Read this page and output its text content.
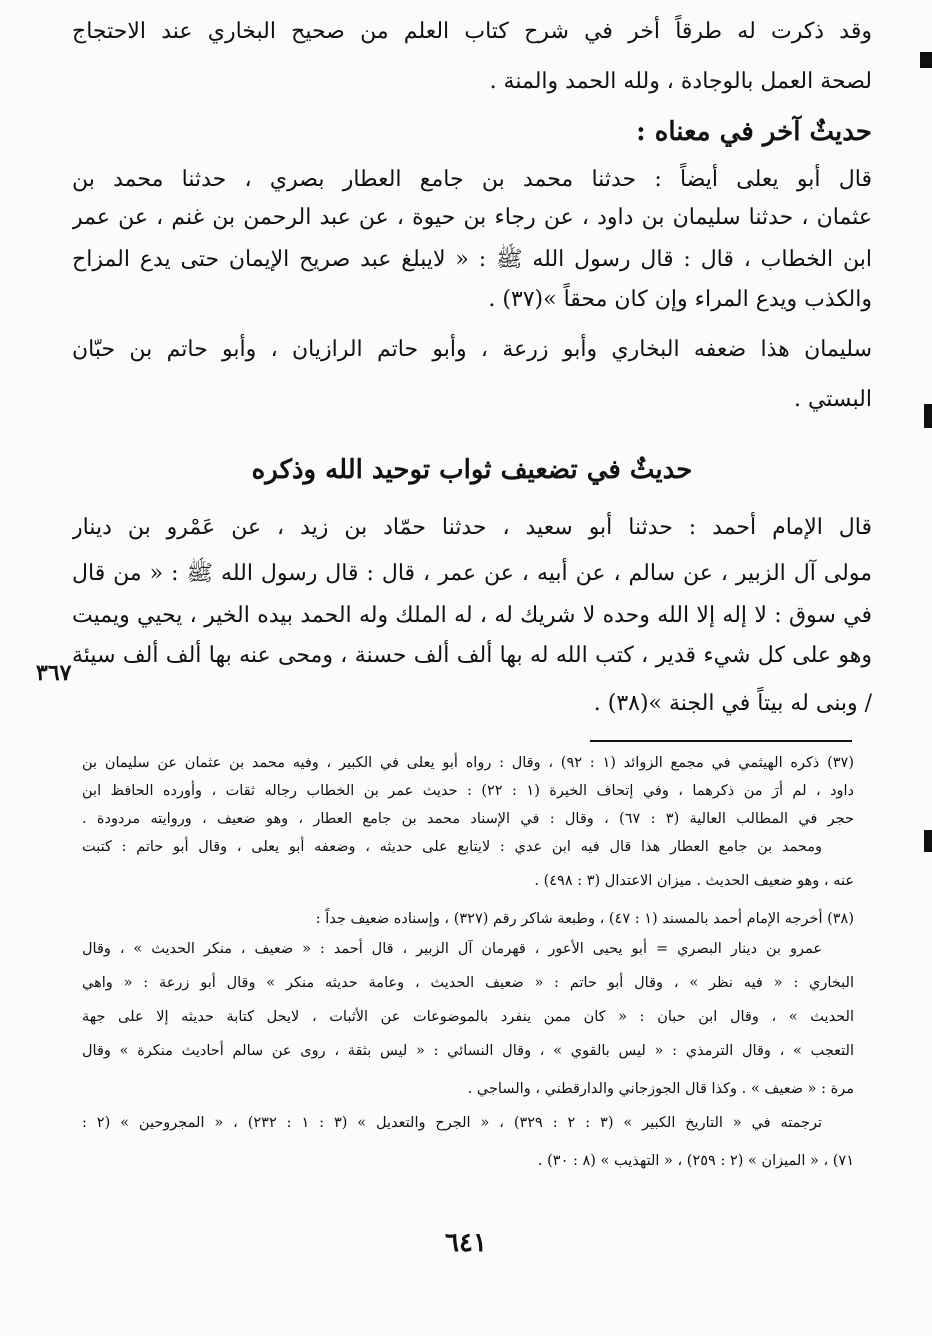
وقد ذكرت له طرقاً أخر في شرح كتاب العلم من صحيح البخاري عند الاحتجاج

لصحة العمل بالوجادة ، ولله الحمد والمنة .

حديثٌ آخر في معناه :

قال أبو يعلى أيضاً : حدثنا محمد بن جامع العطار بصري ، حدثنا محمد بن

عثمان ، حدثنا سليمان بن داود ، عن رجاء بن حيوة ، عن عبد الرحمن بن غنم ، عن عمر

ابن الخطاب ، قال : قال رسول الله ﷺ : « لايبلغ عبد صريح الإيمان حتى يدع المزاح

والكذب ويدع المراء وإن كان محقاً »(٣٧) .

سليمان هذا ضعفه البخاري وأبو زرعة ، وأبو حاتم الرازيان ، وأبو حاتم بن حبّان

البستي .

حديثٌ في تضعيف ثواب توحيد الله وذكره

قال الإمام أحمد : حدثنا أبو سعيد ، حدثنا حمّاد بن زيد ، عن عَمْرو بن دينار

مولى آل الزبير ، عن سالم ، عن أبيه ، عن عمر ، قال : قال رسول الله ﷺ : « من قال

في سوق : لا إله إلا الله وحده لا شريك له ، له الملك وله الحمد بيده الخير ، يحيي ويميت

وهو على كل شيء قدير ، كتب الله له بها ألف ألف حسنة ، ومحى عنه بها ألف ألف سيئة

/ وبنى له بيتاً في الجنة »(٣٨) .

٣٦٧

(٣٧) ذكره الهيثمي في مجمع الزوائد (١ : ٩٢) ، وقال : رواه أبو يعلى في الكبير ، وفيه محمد بن عثمان عن سليمان بن

داود ، لم أرَ من ذكرهما ، وفي إتحاف الخيرة (١ : ٢٢) : حديث عمر بن الخطاب رجاله ثقات ، وأورده الحافظ ابن

حجر في المطالب العالية (٣ : ٦٧) ، وقال : في الإسناد محمد بن جامع العطار ، وهو ضعيف ، وروايته مردودة .

ومحمد بن جامع العطار هذا قال فيه ابن عدي : لايتابع على حديثه ، وضعفه أبو يعلى ، وقال أبو حاتم : كتبت

عنه ، وهو ضعيف الحديث . ميزان الاعتدال (٣ : ٤٩٨) .

(٣٨) أخرجه الإمام أحمد بالمسند (١ : ٤٧) ، وطبعة شاكر رقم (٣٢٧) ، وإسناده ضعيف جداً :

عمرو بن دينار البصري = أبو يحيى الأعور ، قهرمان آل الزبير ، قال أحمد : « ضعيف ، منكر الحديث » ، وقال

البخاري : « فيه نظر » ، وقال أبو حاتم : « ضعيف الحديث ، وعامة حديثه منكر » وقال أبو زرعة : « واهي

الحديث » ، وقال ابن حبان : « كان ممن ينفرد بالموضوعات عن الأثبات ، لايحل كتابة حديثه إلا على جهة

التعجب » ، وقال الترمذي : « ليس بالقوي » ، وقال النسائي : « ليس بثقة ، روى عن سالم أحاديث منكرة » وقال

مرة : « ضعيف » . وكذا قال الجوزجاني والدارقطني ، والساجي .

ترجمته في « التاريخ الكبير » (٣ : ٢ : ٣٢٩) ، « الجرح والتعديل » (٣ : ١ : ٢٣٢) ، « المجروحين » (٢ :

٧١) ، « الميزان » (٢ : ٢٥٩) ، « التهذيب » (٨ : ٣٠) .

٦٤١
